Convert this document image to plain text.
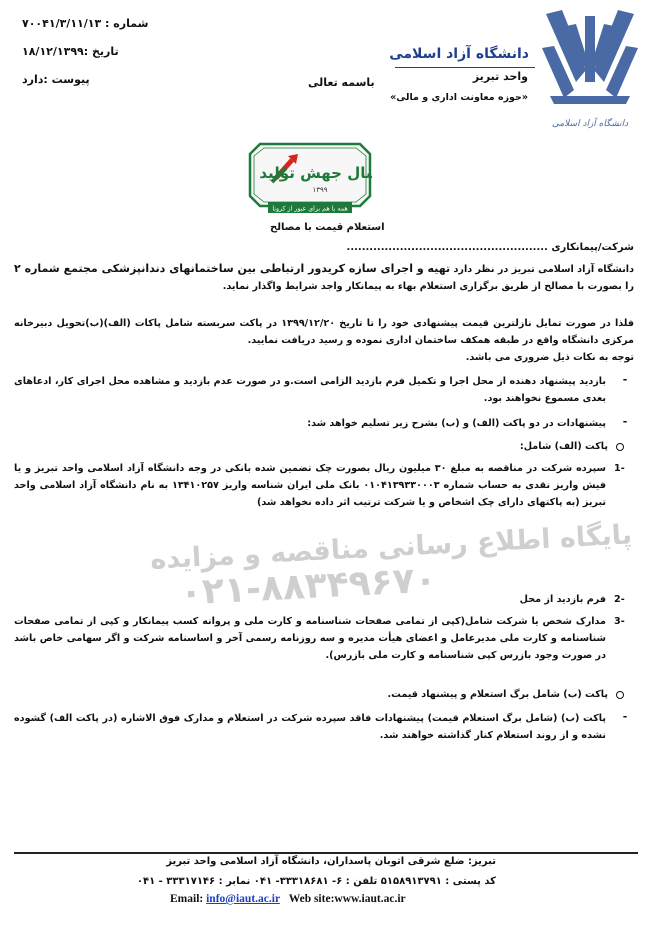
پایگاه اطلاع رسانی مناقصه و مزایده
۰۲۱-۸۸۳۴۹۶۷۰
دانشگاه آزاد اسلامی
دانشگاه آزاد اسلامی
واحد تبریز
«حوزه معاونت اداری و مالی»
باسمه تعالی
شماره : ۷۰۰۴۱/۳/۱۱/۱۳
تاریخ :۱۸/۱۲/۱۳۹۹
پیوست :دارد
سال جهش تولید
۱۳۹۹
همه با هم برای عبور از کرونا
استعلام قیمت با مصالح
شرکت/پیمانکاری .....................................................
دانشگاه آزاد اسلامی تبریز در نظر دارد تهیه و اجرای سازه کریدور ارتباطی بین ساختمانهای دندانپزشکی مجتمع شماره ۲ را بصورت با مصالح از طریق برگزاری استعلام بهاء به پیمانکار واجد شرایط واگذار نماید.
فلذا در صورت تمایل نازلترین قیمت پیشنهادی خود را تا تاریخ ۱۳۹۹/۱۲/۲۰ در پاکت سربسته شامل پاکات (الف)(ب)تحویل دبیرخانه مرکزی دانشگاه واقع در طبقه همکف ساختمان اداری نموده و رسید دریافت نمایید.
توجه به نکات ذیل ضروری می باشد.
-
بازدید پیشنهاد دهنده از محل اجرا و تکمیل فرم بازدید الزامی است.و در صورت عدم بازدید و مشاهده محل اجرای کار، ادعاهای بعدی مسموع نخواهند بود.
-
پیشنهادات در دو پاکت (الف) و (ب) بشرح زیر تسلیم خواهد شد:
پاکت (الف) شامل:
-1
سپرده شرکت در مناقصه به مبلغ ۳۰ میلیون ریال بصورت چک تضمین شده بانکی در وجه دانشگاه آزاد اسلامی واحد تبریز و یا فیش واریز نقدی به حساب شماره ۰۱۰۴۱۳۹۳۳۰۰۰۳ بانک ملی ایران شناسه واریز ۱۳۴۱۰۲۵۷ به نام دانشگاه آزاد اسلامی واحد تبریز (به پاکتهای دارای چک اشخاص و یا شرکت ترتیب اثر داده نخواهد شد)
-2
فرم بازدید از محل
-3
مدارک شخص یا شرکت شامل(کپی از تمامی صفحات شناسنامه و کارت ملی و پروانه کسب پیمانکار و کپی از تمامی صفحات شناسنامه و کارت ملی مدیرعامل و اعضای هیأت مدیره و سه روزنامه رسمی آخر و اساسنامه شرکت و اگر سهامی خاص باشد در صورت وجود بازرس کپی شناسنامه و کارت ملی بازرس).
پاکت (ب) شامل برگ استعلام و پیشنهاد قیمت.
-
پاکت (ب) (شامل برگ استعلام قیمت) پیشنهادات فاقد سپرده شرکت در استعلام و مدارک فوق الاشاره (در پاکت الف) گشوده نشده و از روند استعلام کنار گذاشته خواهند شد.
تبریز: ضلع شرقی اتوبان پاسداران، دانشگاه آزاد اسلامی واحد تبریز
کد پستی : ۵۱۵۸۹۱۳۷۹۱ تلفن : ۶- ۳۳۳۱۸۶۸۱- ۰۴۱ نمابر : ۳۳۳۱۷۱۴۶ - ۰۴۱
Email: info@iaut.ac.ir Web site:www.iaut.ac.ir
